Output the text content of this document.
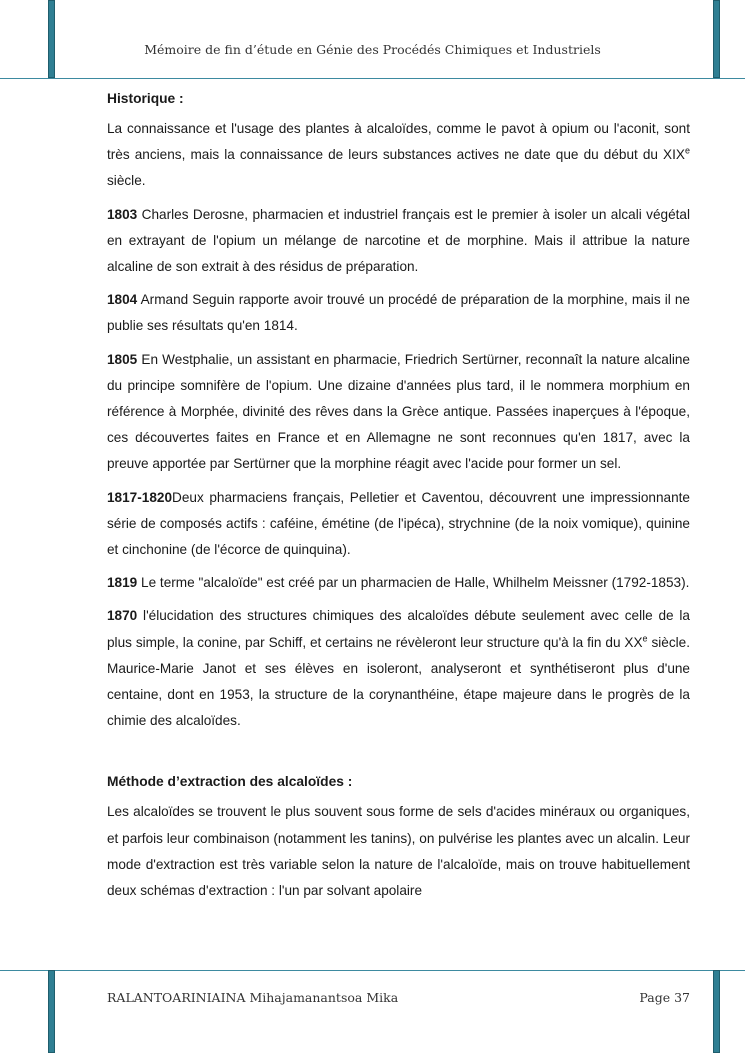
Mémoire de fin d’étude en Génie des Procédés Chimiques et Industriels
RALANTOARINIAINA Mihajamanantsoa Mika	Page 37
Historique :

La connaissance et l'usage des plantes à alcaloïdes, comme le pavot à opium ou l'aconit, sont très anciens, mais la connaissance de leurs substances actives ne date que du début du XIXe siècle.

1803 Charles Derosne, pharmacien et industriel français est le premier à isoler un alcali végétal en extrayant de l'opium un mélange de narcotine et de morphine. Mais il attribue la nature alcaline de son extrait à des résidus de préparation.

1804 Armand Seguin rapporte avoir trouvé un procédé de préparation de la morphine, mais il ne publie ses résultats qu'en 1814.

1805 En Westphalie, un assistant en pharmacie, Friedrich Sertürner, reconnaît la nature alcaline du principe somnifère de l'opium. Une dizaine d'années plus tard, il le nommera morphium en référence à Morphée, divinité des rêves dans la Grèce antique. Passées inaperçues à l'époque, ces découvertes faites en France et en Allemagne ne sont reconnues qu'en 1817, avec la preuve apportée par Sertürner que la morphine réagit avec l'acide pour former un sel.

1817-1820Deux pharmaciens français, Pelletier et Caventou, découvrent une impressionnante série de composés actifs : caféine, émétine (de l'ipéca), strychnine (de la noix vomique), quinine et cinchonine (de l'écorce de quinquina).

1819 Le terme "alcaloïde" est créé par un pharmacien de Halle, Whilhelm Meissner (1792-1853).

1870 l'élucidation des structures chimiques des alcaloïdes débute seulement avec celle de la plus simple, la conine, par Schiff, et certains ne révèleront leur structure qu'à la fin du XXe siècle. Maurice-Marie Janot et ses élèves en isoleront, analyseront et synthétiseront plus d'une centaine, dont en 1953, la structure de la corynanthéine, étape majeure dans le progrès de la chimie des alcaloïdes.

Méthode d’extraction des alcaloïdes :

Les alcaloïdes se trouvent le plus souvent sous forme de sels d'acides minéraux ou organiques, et parfois leur combinaison (notamment les tanins), on pulvérise les plantes avec un alcalin. Leur mode d'extraction est très variable selon la nature de l'alcaloïde, mais on trouve habituellement deux schémas d'extraction : l'un par solvant apolaire
